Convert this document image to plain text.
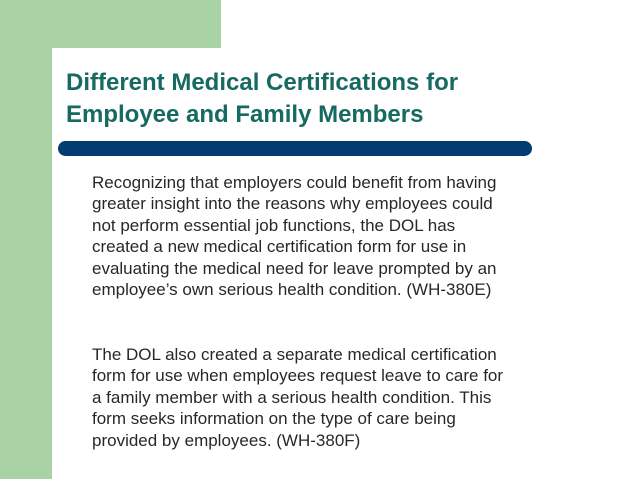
Different Medical Certifications for
Employee and Family Members

Recognizing that employers could benefit from having
greater insight into the reasons why employees could
not perform essential job functions, the DOL has
created a new medical certification form for use in
evaluating the medical need for leave prompted by an
employee’s own serious health condition. (WH-380E)

The DOL also created a separate medical certification
form for use when employees request leave to care for
a family member with a serious health condition. This
form seeks information on the type of care being
provided by employees. (WH-380F)
